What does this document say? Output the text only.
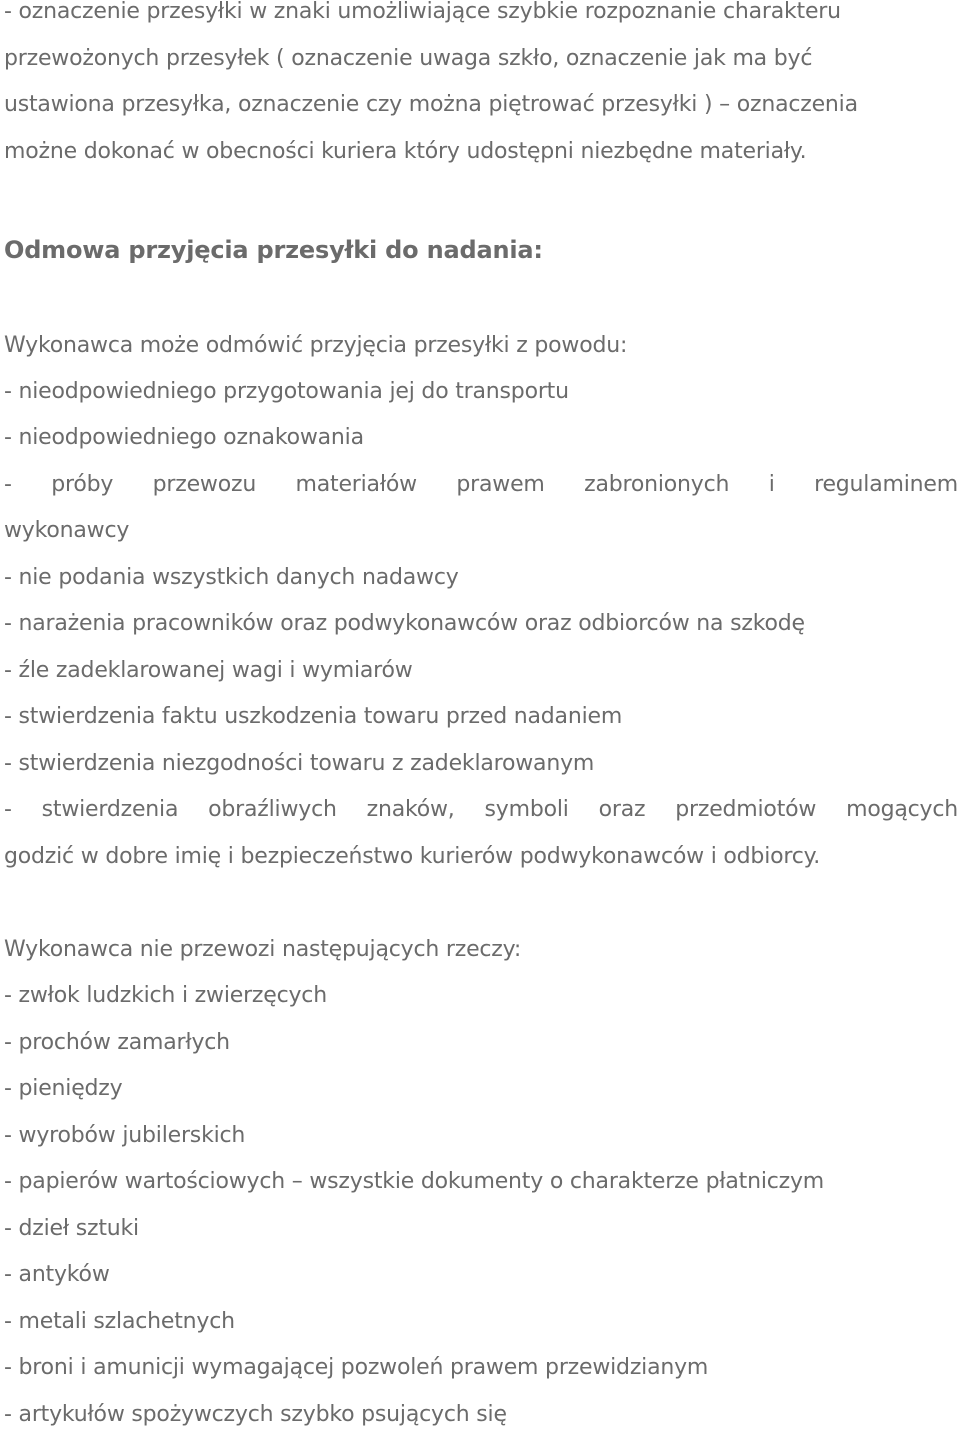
- oznaczenie przesyłki w znaki umożliwiające szybkie rozpoznanie charakteru
przewożonych przesyłek ( oznaczenie uwaga szkło, oznaczenie jak ma być
ustawiona przesyłka, oznaczenie czy można piętrować przesyłki ) – oznaczenia
możne dokonać w obecności kuriera który udostępni niezbędne materiały.
Odmowa przyjęcia przesyłki do nadania:
Wykonawca może odmówić przyjęcia przesyłki z powodu:
- nieodpowiedniego przygotowania jej do transportu
- nieodpowiedniego oznakowania
- próby przewozu materiałów prawem zabronionych i regulaminem
wykonawcy
- nie podania wszystkich danych nadawcy
- narażenia pracowników oraz podwykonawców oraz odbiorców na szkodę
- źle zadeklarowanej wagi i wymiarów
- stwierdzenia faktu uszkodzenia towaru przed nadaniem
- stwierdzenia niezgodności towaru z zadeklarowanym
- stwierdzenia obraźliwych znaków, symboli oraz przedmiotów mogących
godzić w dobre imię i bezpieczeństwo kurierów podwykonawców i odbiorcy.
Wykonawca nie przewozi następujących rzeczy:
- zwłok ludzkich i zwierzęcych
- prochów zamarłych
- pieniędzy
- wyrobów jubilerskich
- papierów wartościowych – wszystkie dokumenty o charakterze płatniczym
- dzieł sztuki
- antyków
- metali szlachetnych
- broni i amunicji wymagającej pozwoleń prawem przewidzianym
- artykułów spożywczych szybko psujących się
